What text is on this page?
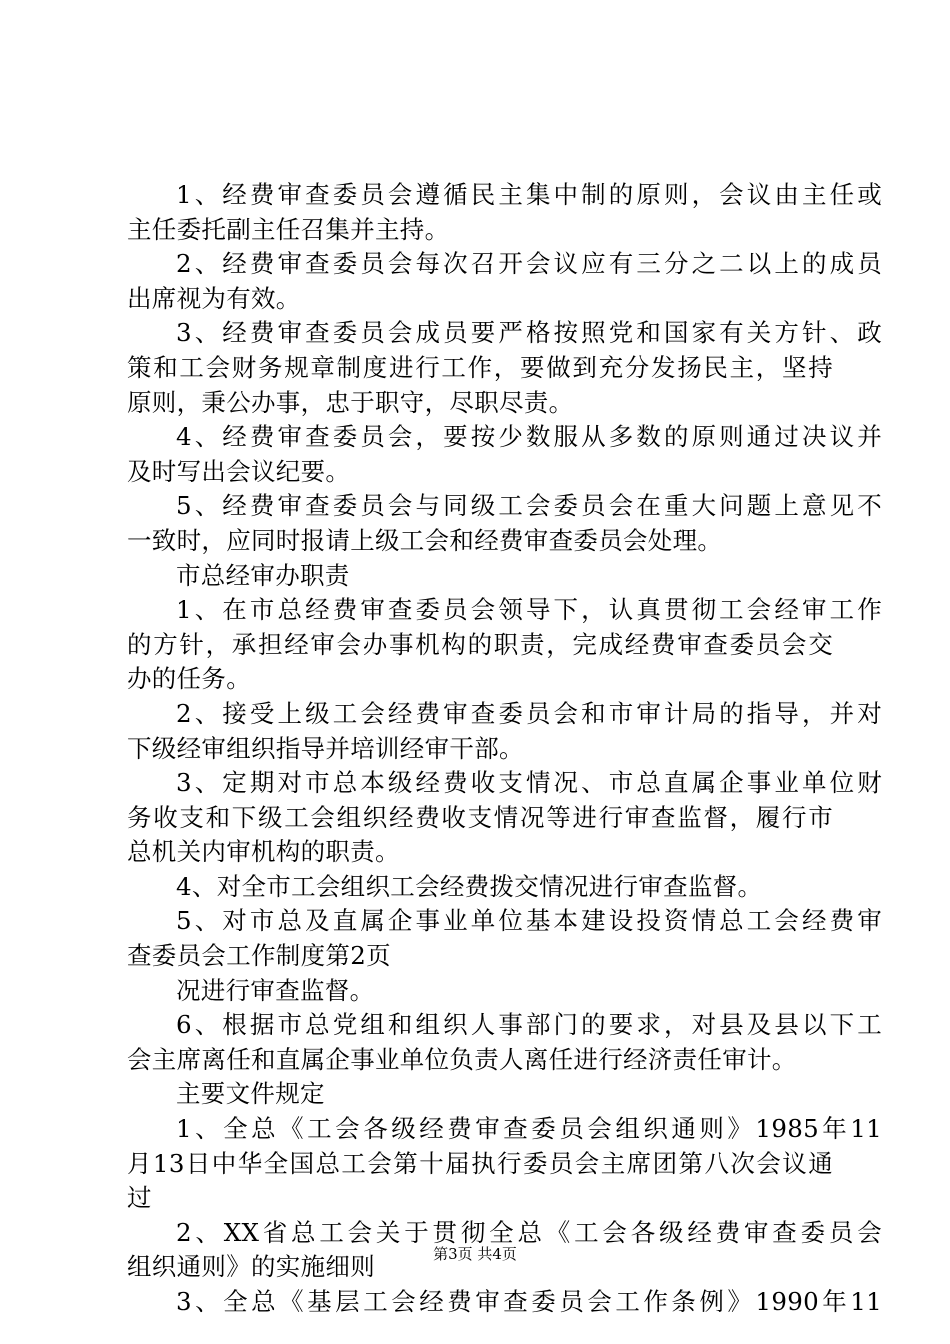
1、经费审查委员会遵循民主集中制的原则，会议由主任或
主任委托副主任召集并主持。
2、经费审查委员会每次召开会议应有三分之二以上的成员
出席视为有效。
3、经费审查委员会成员要严格按照党和国家有关方针、政
策和工会财务规章制度进行工作，要做到充分发扬民主，坚持
原则，秉公办事，忠于职守，尽职尽责。
4、经费审查委员会，要按少数服从多数的原则通过决议并
及时写出会议纪要。
5、经费审查委员会与同级工会委员会在重大问题上意见不
一致时，应同时报请上级工会和经费审查委员会处理。
市总经审办职责
1、在市总经费审查委员会领导下，认真贯彻工会经审工作
的方针，承担经审会办事机构的职责，完成经费审查委员会交
办的任务。
2、接受上级工会经费审查委员会和市审计局的指导，并对
下级经审组织指导并培训经审干部。
3、定期对市总本级经费收支情况、市总直属企事业单位财
务收支和下级工会组织经费收支情况等进行审查监督，履行市
总机关内审机构的职责。
4、对全市工会组织工会经费拨交情况进行审查监督。
5、对市总及直属企事业单位基本建设投资情总工会经费审
查委员会工作制度第2页
况进行审查监督。
6、根据市总党组和组织人事部门的要求，对县及县以下工
会主席离任和直属企事业单位负责人离任进行经济责任审计。
主要文件规定
1、全总《工会各级经费审查委员会组织通则》1985年11
月13日中华全国总工会第十届执行委员会主席团第八次会议通
过
2、XX省总工会关于贯彻全总《工会各级经费审查委员会
组织通则》的实施细则
3、全总《基层工会经费审查委员会工作条例》1990年11
第3页 共4页
